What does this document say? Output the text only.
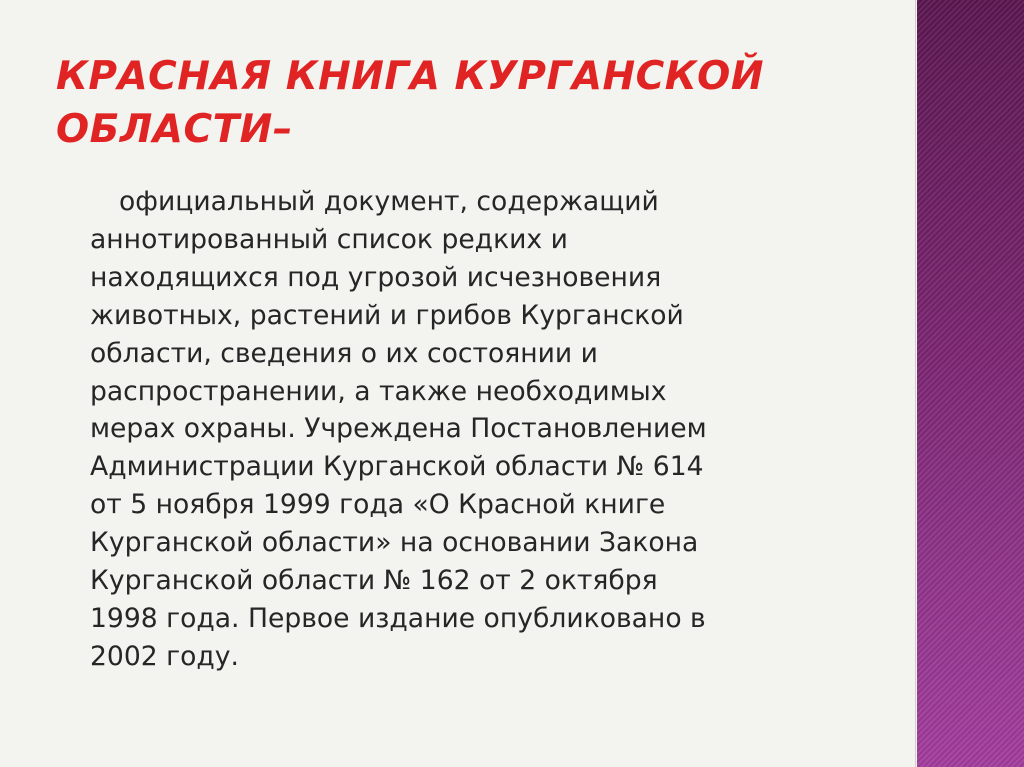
КРАСНАЯ КНИГА КУРГАНСКОЙ
ОБЛАСТИ–
официальный документ, содержащий
аннотированный список редких и
находящихся под угрозой исчезновения
животных, растений и грибов Курганской
области, сведения о их состоянии и
распространении, а также необходимых
мерах охраны. Учреждена Постановлением
Администрации Курганской области № 614
от 5 ноября 1999 года «О Красной книге
Курганской области» на основании Закона
Курганской области № 162 от 2 октября
1998 года. Первое издание опубликовано в
2002 году.
